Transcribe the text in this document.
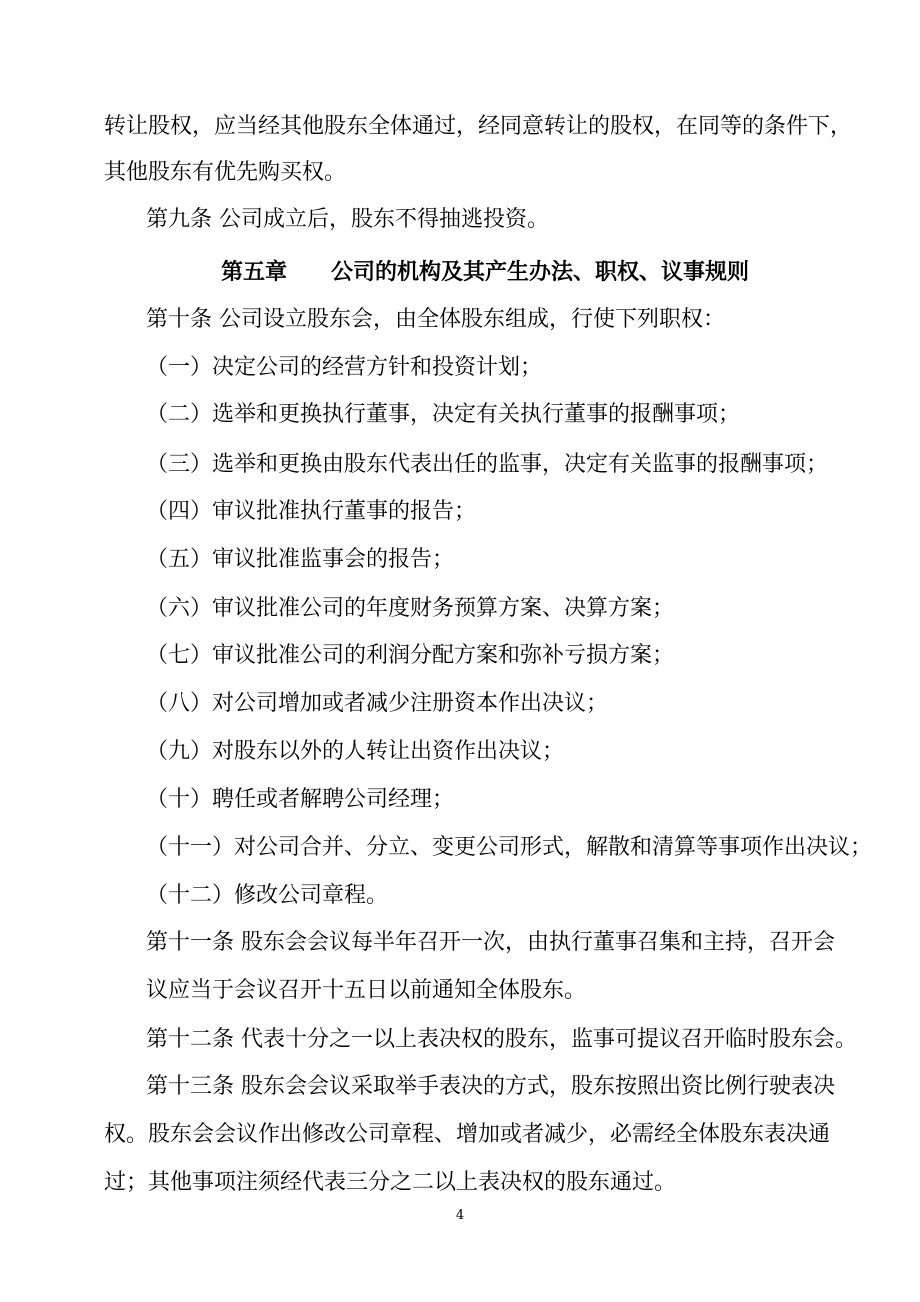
转让股权，应当经其他股东全体通过，经同意转让的股权，在同等的条件下，
其他股东有优先购买权。
第九条 公司成立后，股东不得抽逃投资。
第五章 公司的机构及其产生办法、职权、议事规则
第十条 公司设立股东会，由全体股东组成，行使下列职权：
（一）决定公司的经营方针和投资计划；
（二）选举和更换执行董事，决定有关执行董事的报酬事项；
（三）选举和更换由股东代表出任的监事，决定有关监事的报酬事项；
（四）审议批准执行董事的报告；
（五）审议批准监事会的报告；
（六）审议批准公司的年度财务预算方案、决算方案；
（七）审议批准公司的利润分配方案和弥补亏损方案；
（八）对公司增加或者减少注册资本作出决议；
（九）对股东以外的人转让出资作出决议；
（十）聘任或者解聘公司经理；
（十一）对公司合并、分立、变更公司形式，解散和清算等事项作出决议；
（十二）修改公司章程。
第十一条 股东会会议每半年召开一次，由执行董事召集和主持，召开会
议应当于会议召开十五日以前通知全体股东。
第十二条 代表十分之一以上表决权的股东，监事可提议召开临时股东会。
第十三条 股东会会议采取举手表决的方式，股东按照出资比例行驶表决
权。股东会会议作出修改公司章程、增加或者减少，必需经全体股东表决通
过；其他事项注须经代表三分之二以上表决权的股东通过。
4
